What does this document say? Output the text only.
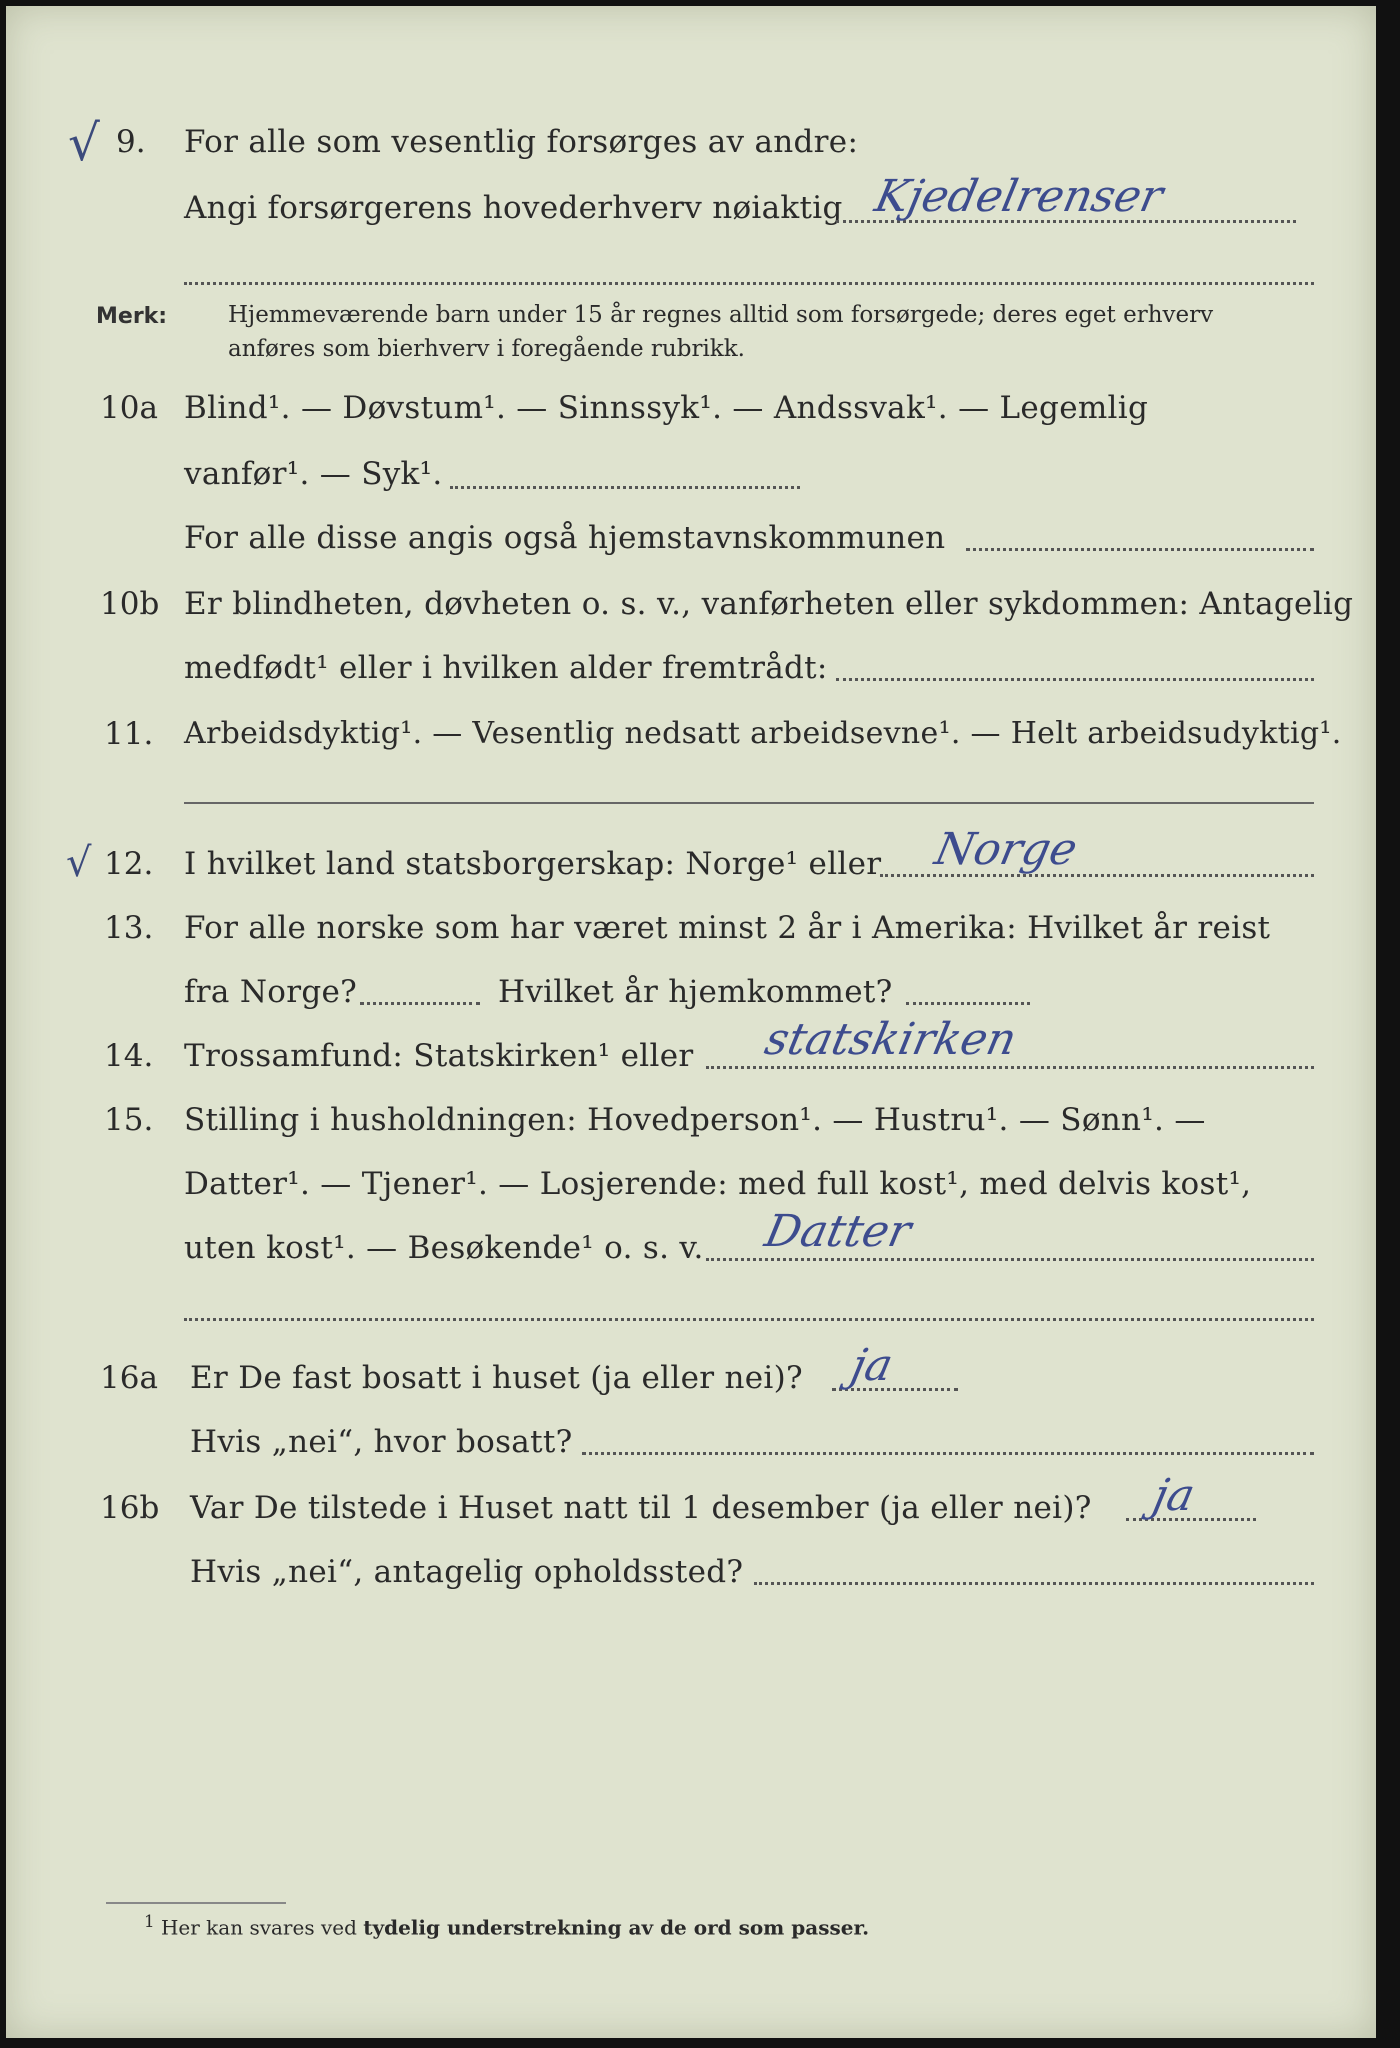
√ 9. For alle som vesentlig forsørges av andre:
Angi forsørgerens hovederhverv nøiaktig Kjedelrenser
Merk:	Hjemmeværende barn under 15 år regnes alltid som forsørgede; deres eget erhverv
anføres som bierhverv i foregående rubrikk.
10a Blind¹. — Døvstum¹. — Sinnssyk¹. — Andssvak¹. — Legemlig
vanfør¹. — Syk¹.
For alle disse angis også hjemstavnskommunen
10b Er blindheten, døvheten o. s. v., vanførheten eller sykdommen: Antagelig
medfødt¹ eller i hvilken alder fremtrådt:
11. Arbeidsdyktig¹. — Vesentlig nedsatt arbeidsevne¹. — Helt arbeidsudyktig¹.
√ 12. I hvilket land statsborgerskap: Norge¹ eller Norge
13. For alle norske som har været minst 2 år i Amerika: Hvilket år reist
fra Norge?	Hvilket år hjemkommet?
14. Trossamfund: Statskirken¹ eller statskirken
15. Stilling i husholdningen: Hovedperson¹. — Hustru¹. — Sønn¹. —
Datter¹. — Tjener¹. — Losjerende: med full kost¹, med delvis kost¹,
uten kost¹. — Besøkende¹ o. s. v. Datter
16a Er De fast bosatt i huset (ja eller nei)? ja
Hvis „nei“, hvor bosatt?
16b Var De tilstede i Huset natt til 1 desember (ja eller nei)? ja
Hvis „nei“, antagelig opholdssted?
$^1$ Her kan svares ved tydelig understrekning av de ord som passer.
